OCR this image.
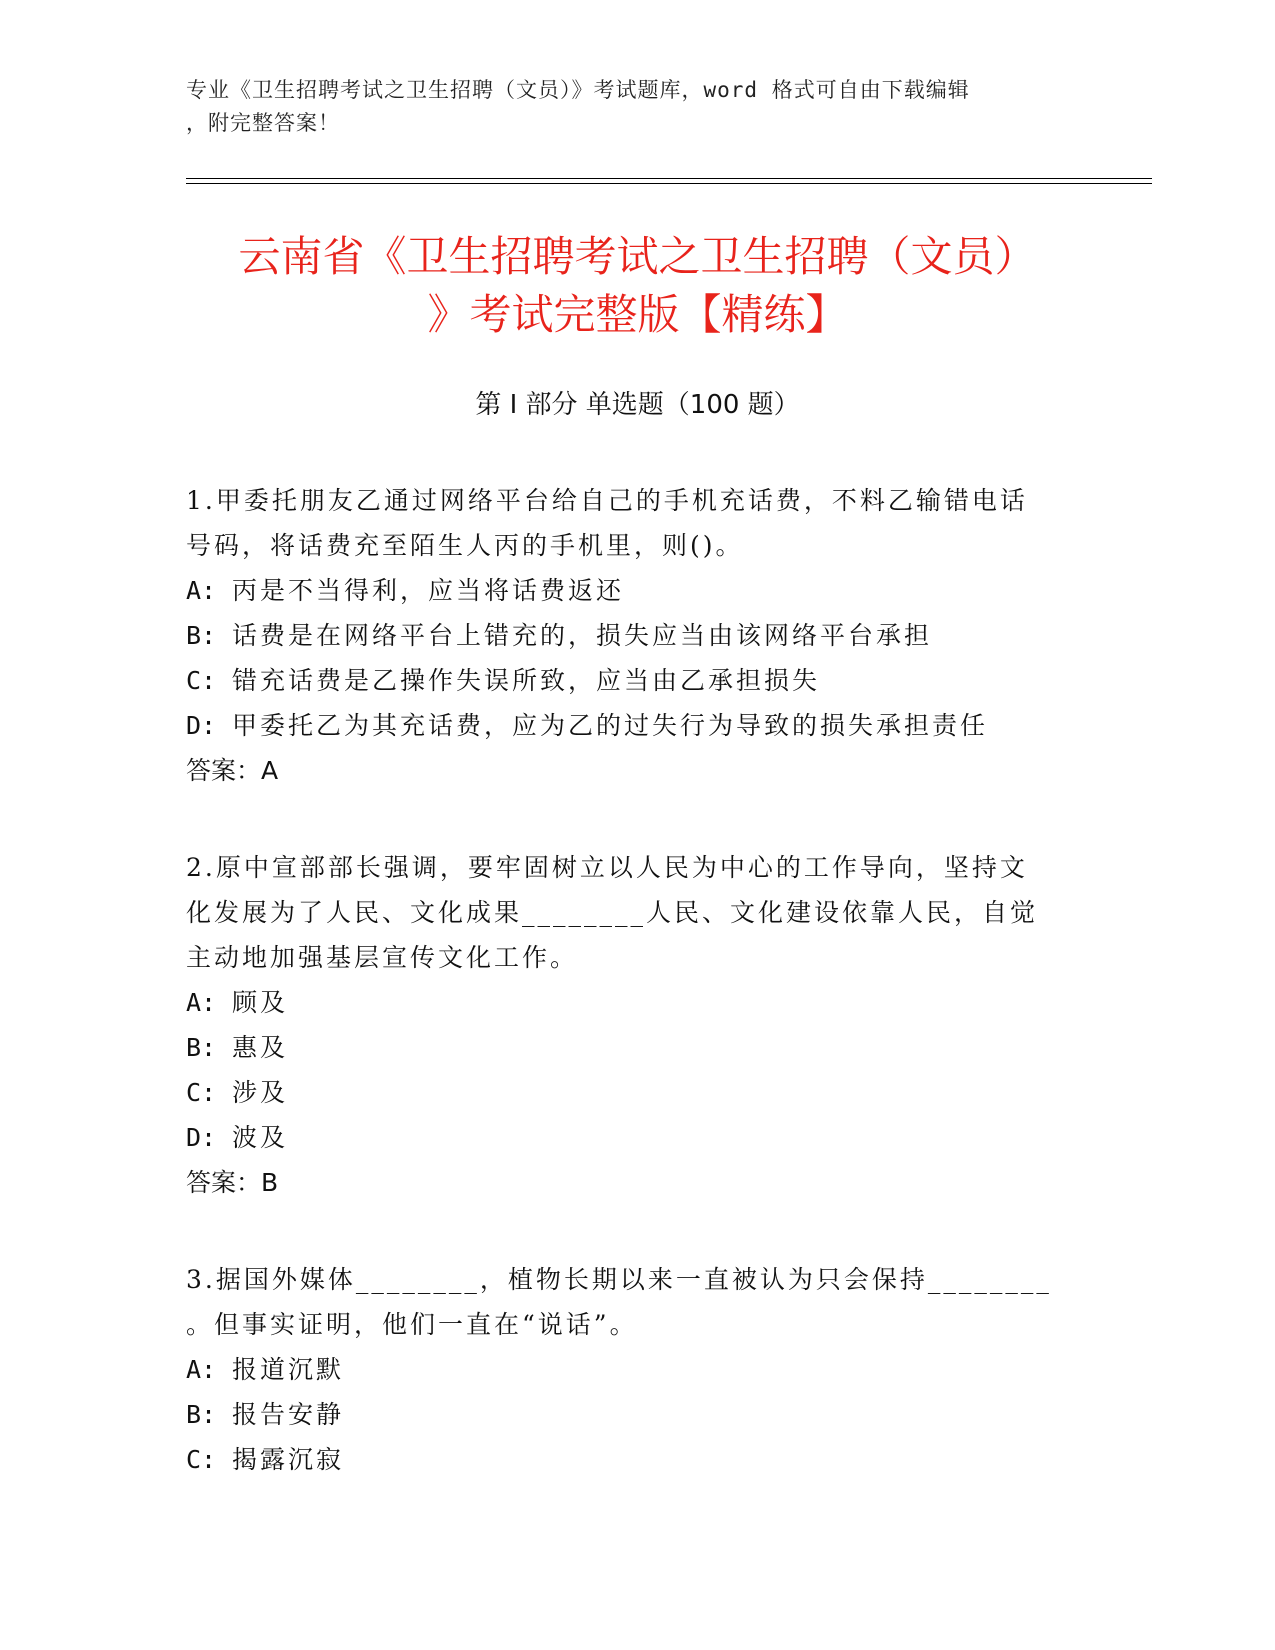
专业《卫生招聘考试之卫生招聘（文员）》考试题库，word 格式可自由下载编辑
，附完整答案！
云南省《卫生招聘考试之卫生招聘（文员）
》考试完整版【精练】
第 I 部分 单选题（100 题）
1.甲委托朋友乙通过网络平台给自己的手机充话费，不料乙输错电话
号码，将话费充至陌生人丙的手机里，则()。
A: 丙是不当得利，应当将话费返还
B: 话费是在网络平台上错充的，损失应当由该网络平台承担
C: 错充话费是乙操作失误所致，应当由乙承担损失
D: 甲委托乙为其充话费，应为乙的过失行为导致的损失承担责任
答案：A
2.原中宣部部长强调，要牢固树立以人民为中心的工作导向，坚持文
化发展为了人民、文化成果________人民、文化建设依靠人民，自觉
主动地加强基层宣传文化工作。
A: 顾及
B: 惠及
C: 涉及
D: 波及
答案：B
3.据国外媒体________，植物长期以来一直被认为只会保持________
。但事实证明，他们一直在“说话”。
A: 报道沉默
B: 报告安静
C: 揭露沉寂
